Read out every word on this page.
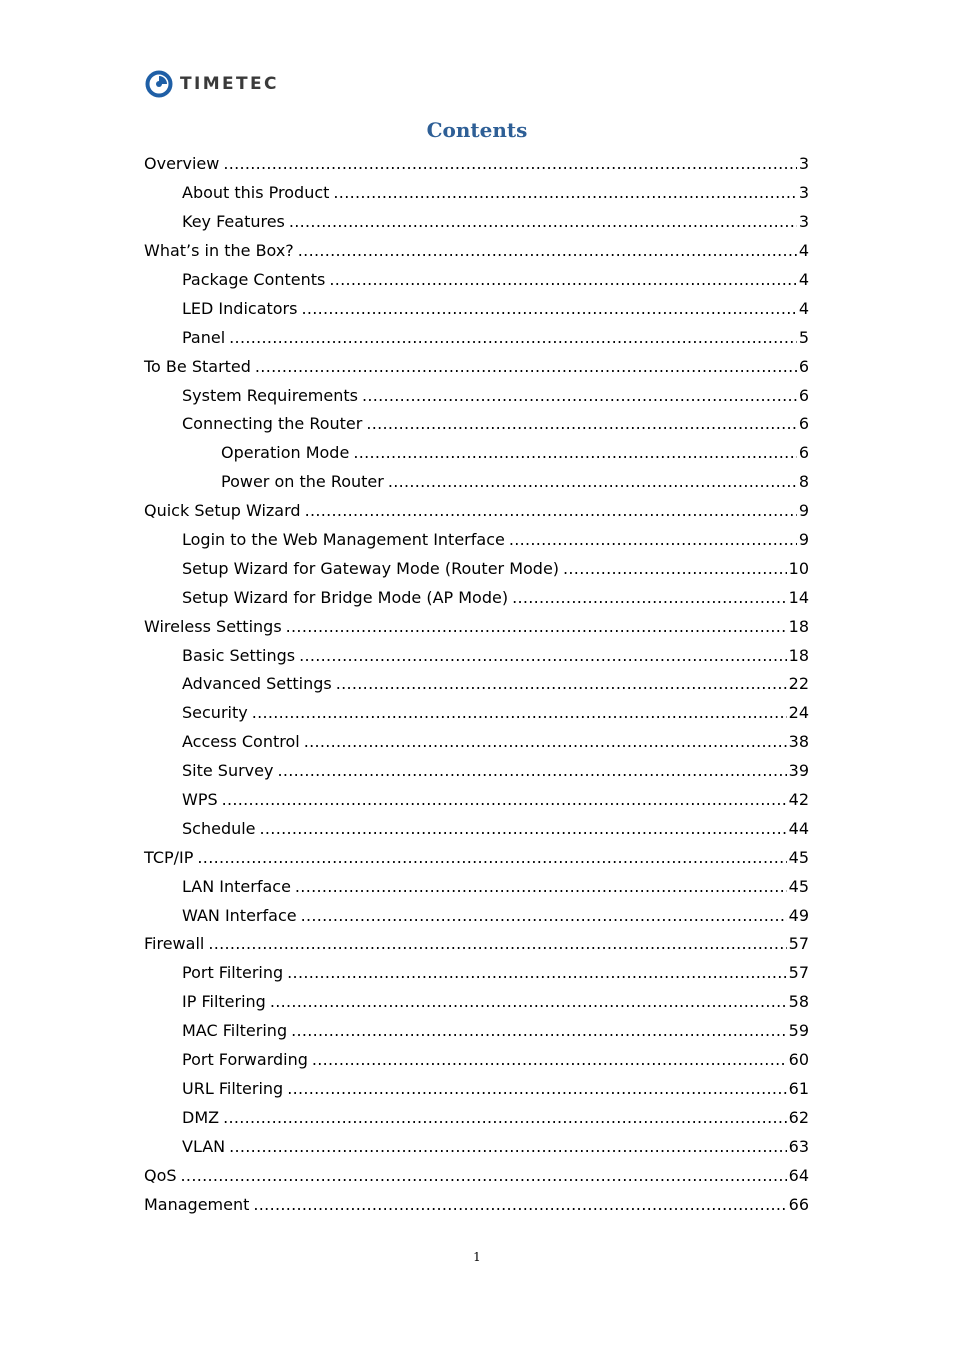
TIMETEC
Contents
Overview .....	3
About this Product .....	3
Key Features .....	3
What’s in the Box? .....	4
Package Contents .....	4
LED Indicators .....	4
Panel .....	5
To Be Started .....	6
System Requirements .....	6
Connecting the Router .....	6
Operation Mode .....	6
Power on the Router .....	8
Quick Setup Wizard .....	9
Login to the Web Management Interface .....	9
Setup Wizard for Gateway Mode (Router Mode) .....	10
Setup Wizard for Bridge Mode (AP Mode) .....	14
Wireless Settings .....	18
Basic Settings .....	18
Advanced Settings .....	22
Security .....	24
Access Control .....	38
Site Survey .....	39
WPS .....	42
Schedule .....	44
TCP/IP .....	45
LAN Interface .....	45
WAN Interface .....	49
Firewall .....	57
Port Filtering .....	57
IP Filtering .....	58
MAC Filtering .....	59
Port Forwarding .....	60
URL Filtering .....	61
DMZ .....	62
VLAN .....	63
QoS .....	64
Management .....	66
1
